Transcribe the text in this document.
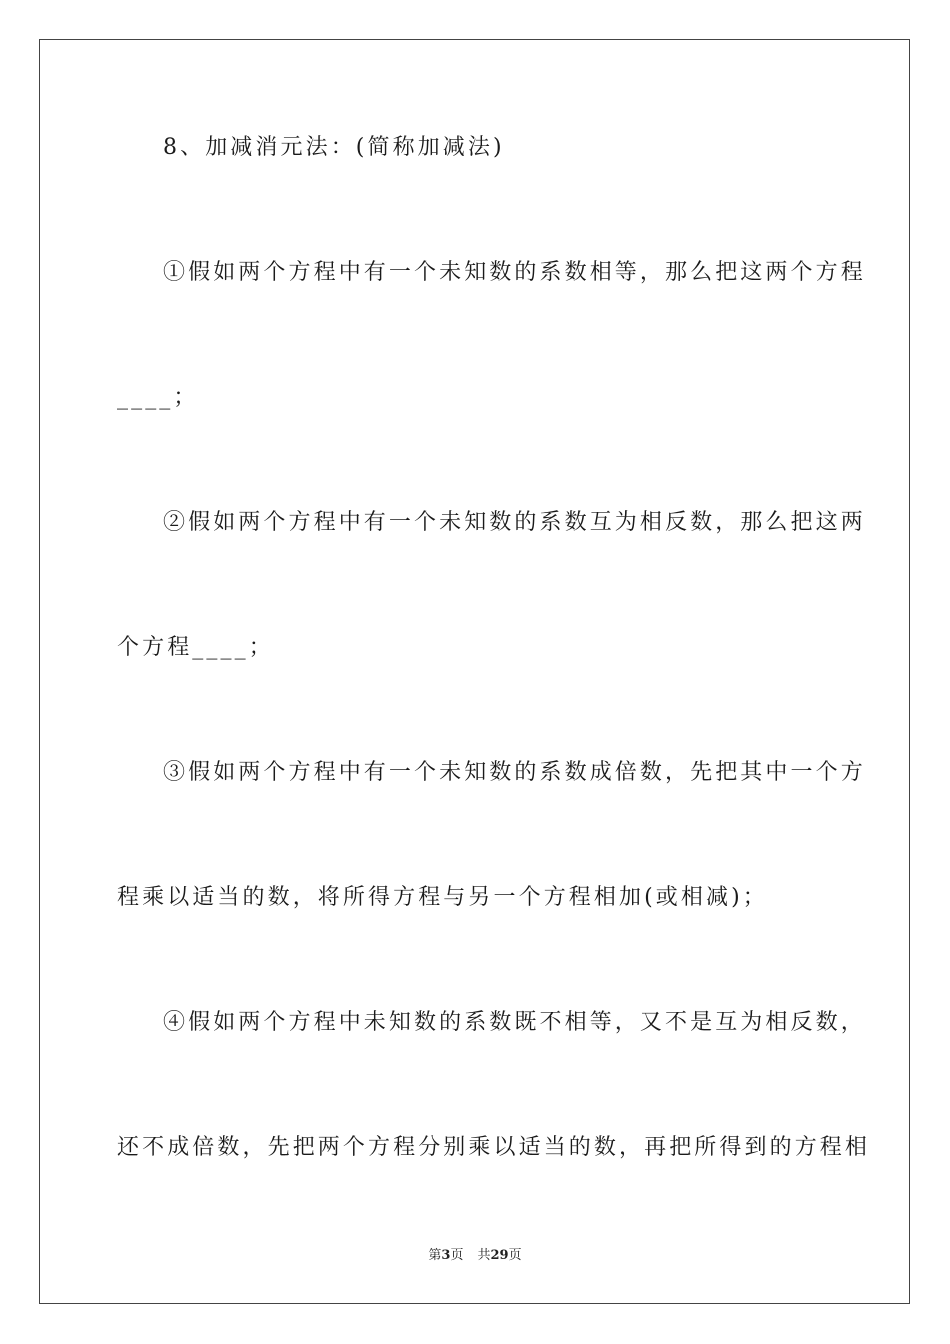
8、加减消元法：(简称加减法)
①假如两个方程中有一个未知数的系数相等，那么把这两个方程
____；
②假如两个方程中有一个未知数的系数互为相反数，那么把这两
个方程____；
③假如两个方程中有一个未知数的系数成倍数，先把其中一个方
程乘以适当的数，将所得方程与另一个方程相加(或相减)；
④假如两个方程中未知数的系数既不相等，又不是互为相反数，
还不成倍数，先把两个方程分别乘以适当的数，再把所得到的方程相
第3页 共29页
